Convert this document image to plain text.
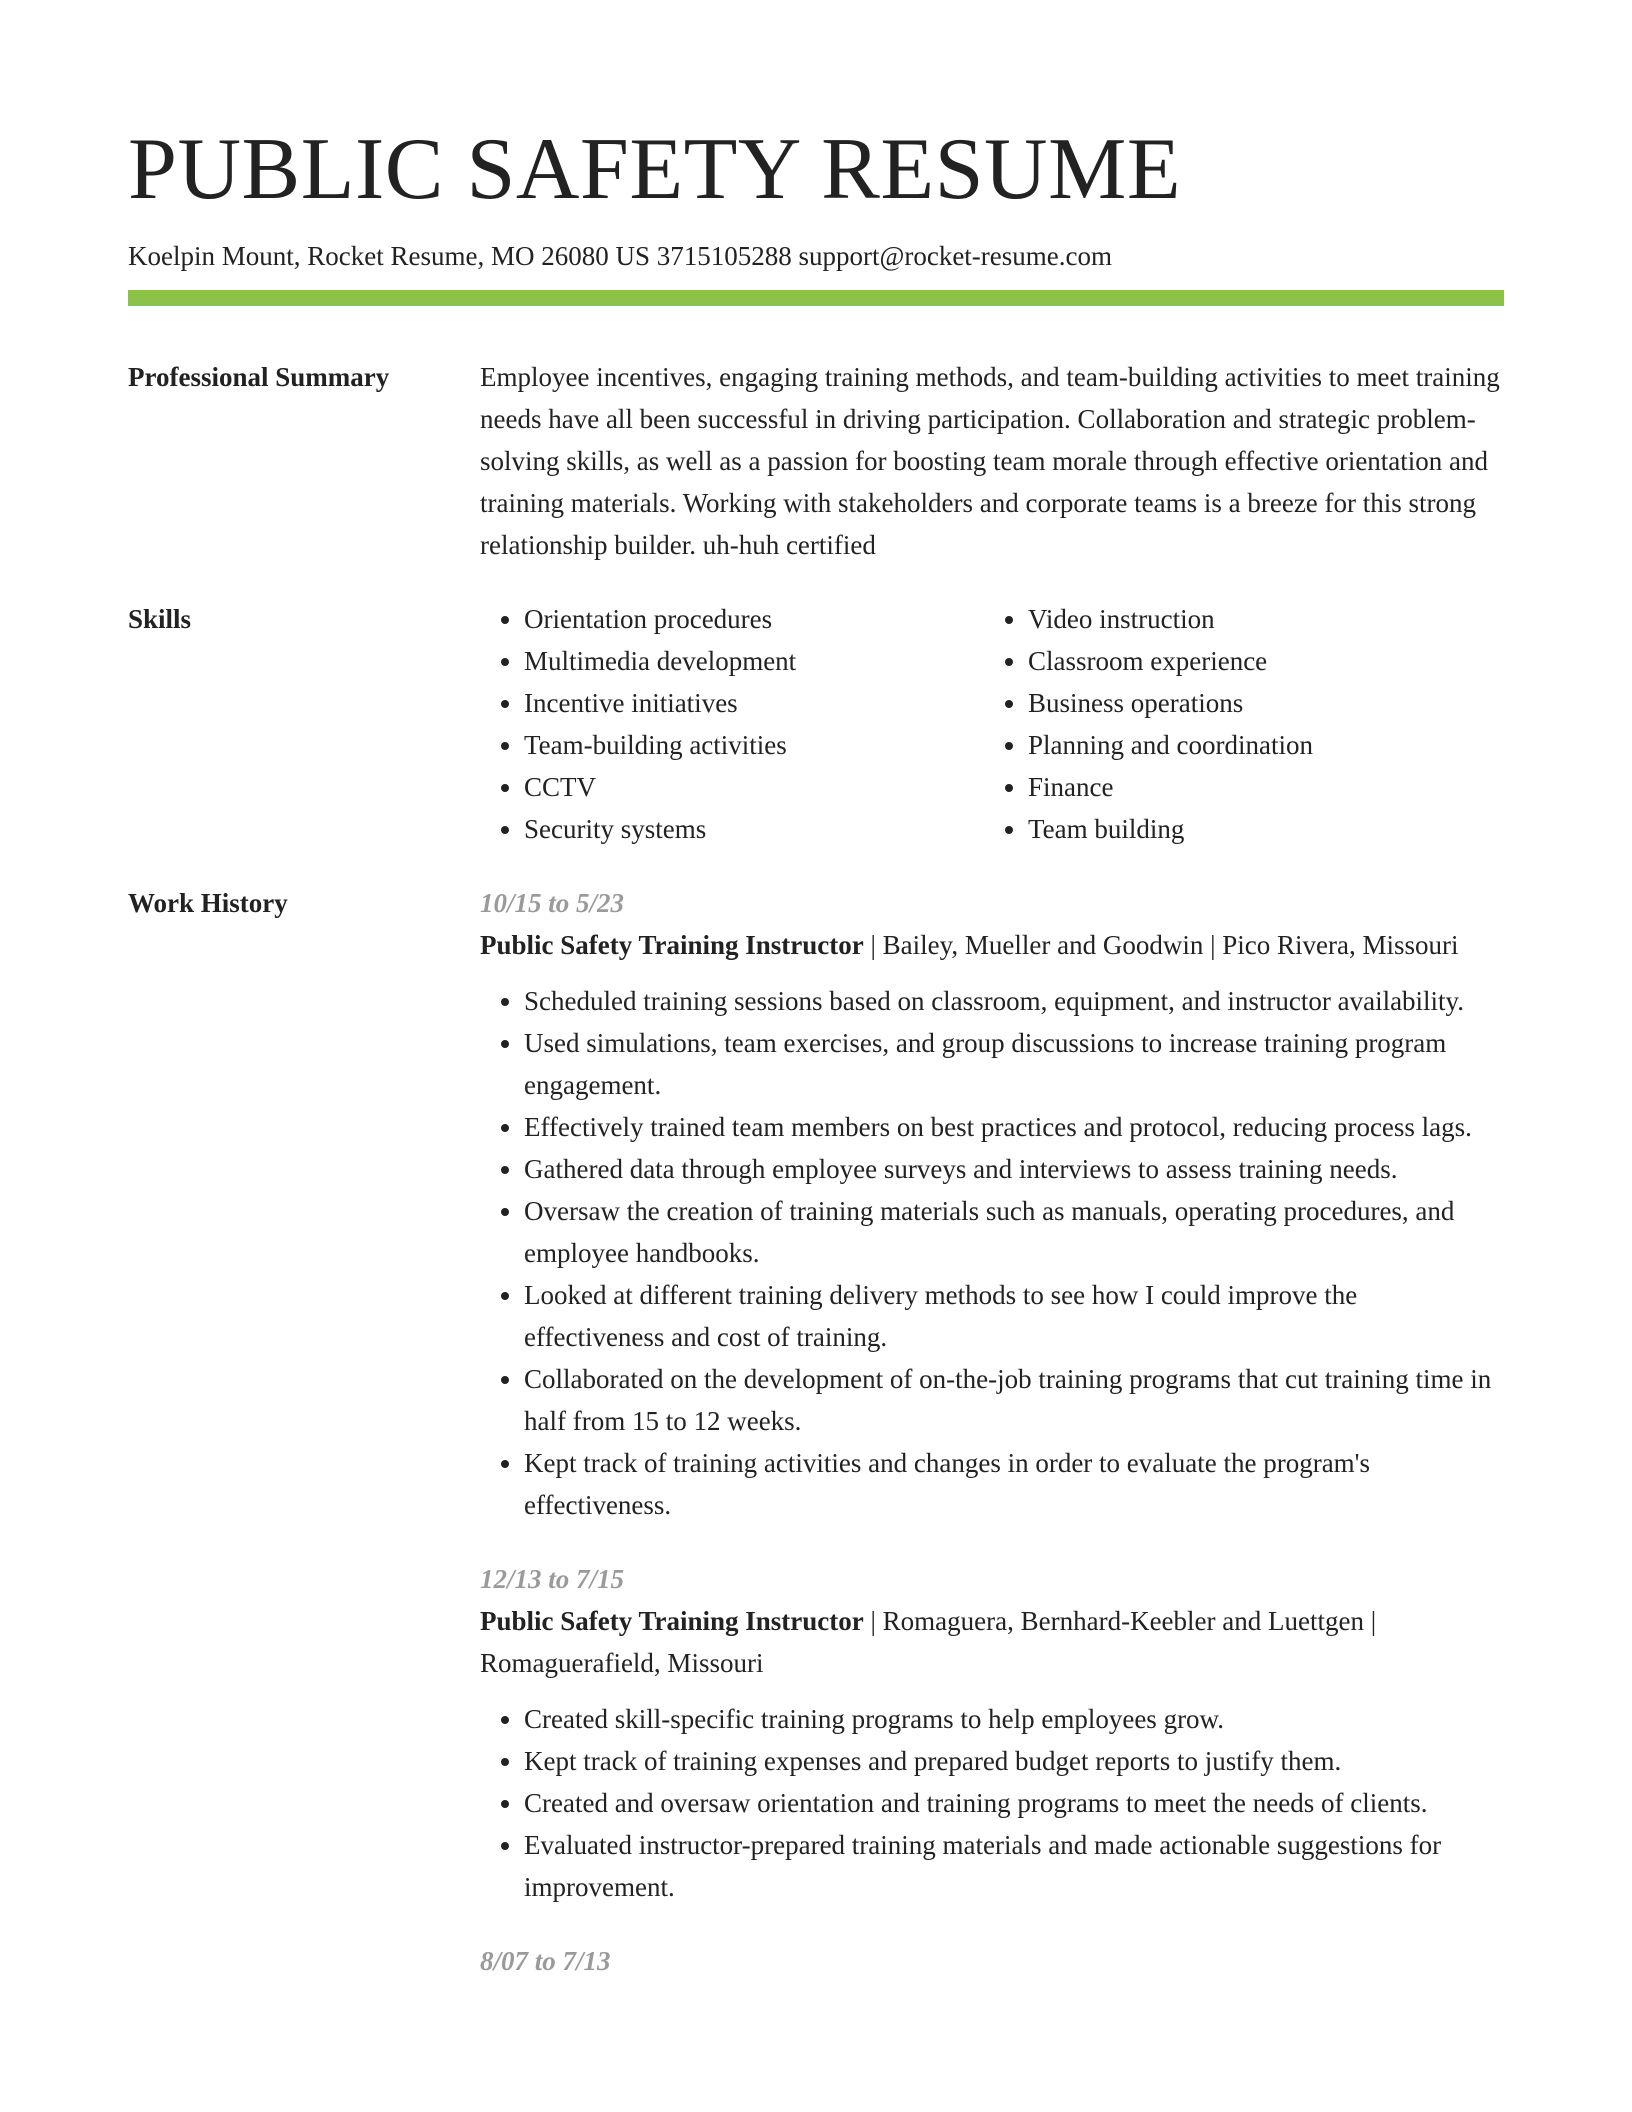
PUBLIC SAFETY RESUME
Koelpin Mount, Rocket Resume, MO 26080 US 3715105288 support@rocket-resume.com
Professional Summary	Employee incentives, engaging training methods, and team-building activities to meet training needs have all been successful in driving participation. Collaboration and strategic problem-solving skills, as well as a passion for boosting team morale through effective orientation and training materials. Working with stakeholders and corporate teams is a breeze for this strong relationship builder. uh-huh certified
Skills
•	Orientation procedures
• Multimedia development
• Incentive initiatives
• Team-building activities
• CCTV
• Security systems
• Video instruction
• Classroom experience
• Business operations
• Planning and coordination
• Finance
• Team building
Work History	10/15 to 5/23
Public Safety Training Instructor | Bailey, Mueller and Goodwin | Pico Rivera, Missouri
• Scheduled training sessions based on classroom, equipment, and instructor availability.
• Used simulations, team exercises, and group discussions to increase training program engagement.
• Effectively trained team members on best practices and protocol, reducing process lags.
• Gathered data through employee surveys and interviews to assess training needs.
• Oversaw the creation of training materials such as manuals, operating procedures, and employee handbooks.
• Looked at different training delivery methods to see how I could improve the effectiveness and cost of training.
• Collaborated on the development of on-the-job training programs that cut training time in half from 15 to 12 weeks.
• Kept track of training activities and changes in order to evaluate the program's effectiveness.
12/13 to 7/15
Public Safety Training Instructor | Romaguera, Bernhard-Keebler and Luettgen | Romaguerafield, Missouri
• Created skill-specific training programs to help employees grow.
• Kept track of training expenses and prepared budget reports to justify them.
• Created and oversaw orientation and training programs to meet the needs of clients.
• Evaluated instructor-prepared training materials and made actionable suggestions for improvement.
8/07 to 7/13
